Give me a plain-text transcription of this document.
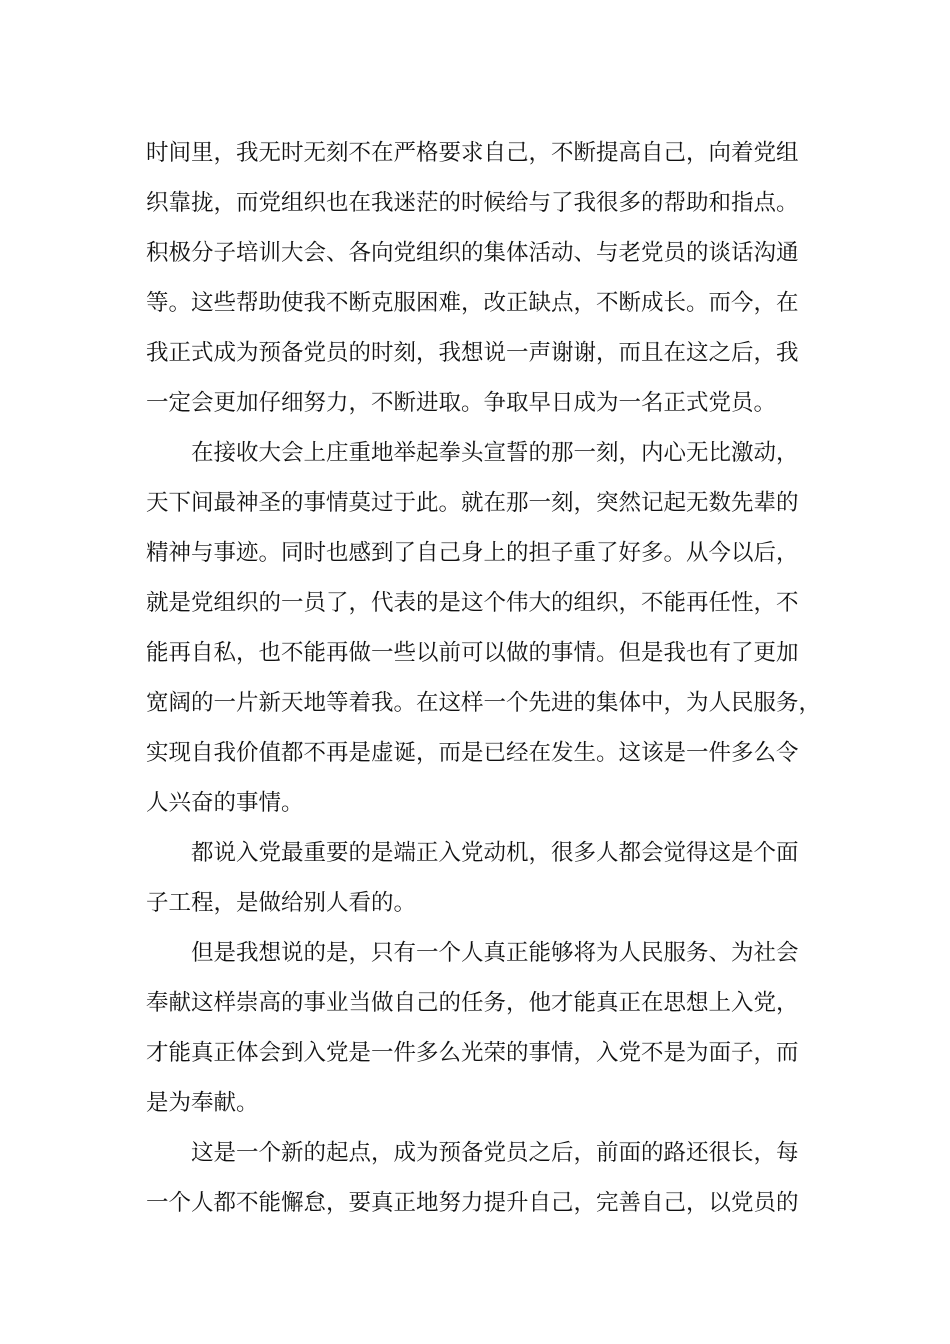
时间里，我无时无刻不在严格要求自己，不断提高自己，向着党组
织靠拢，而党组织也在我迷茫的时候给与了我很多的帮助和指点。
积极分子培训大会、各向党组织的集体活动、与老党员的谈话沟通
等。这些帮助使我不断克服困难，改正缺点，不断成长。而今，在
我正式成为预备党员的时刻，我想说一声谢谢，而且在这之后，我
一定会更加仔细努力，不断进取。争取早日成为一名正式党员。
在接收大会上庄重地举起拳头宣誓的那一刻，内心无比激动，
天下间最神圣的事情莫过于此。就在那一刻，突然记起无数先辈的
精神与事迹。同时也感到了自己身上的担子重了好多。从今以后，
就是党组织的一员了，代表的是这个伟大的组织，不能再任性，不
能再自私，也不能再做一些以前可以做的事情。但是我也有了更加
宽阔的一片新天地等着我。在这样一个先进的集体中，为人民服务，
实现自我价值都不再是虚诞，而是已经在发生。这该是一件多么令
人兴奋的事情。
都说入党最重要的是端正入党动机，很多人都会觉得这是个面
子工程，是做给别人看的。
但是我想说的是，只有一个人真正能够将为人民服务、为社会
奉献这样崇高的事业当做自己的任务，他才能真正在思想上入党，
才能真正体会到入党是一件多么光荣的事情，入党不是为面子，而
是为奉献。
这是一个新的起点，成为预备党员之后，前面的路还很长，每
一个人都不能懈怠，要真正地努力提升自己，完善自己，以党员的
